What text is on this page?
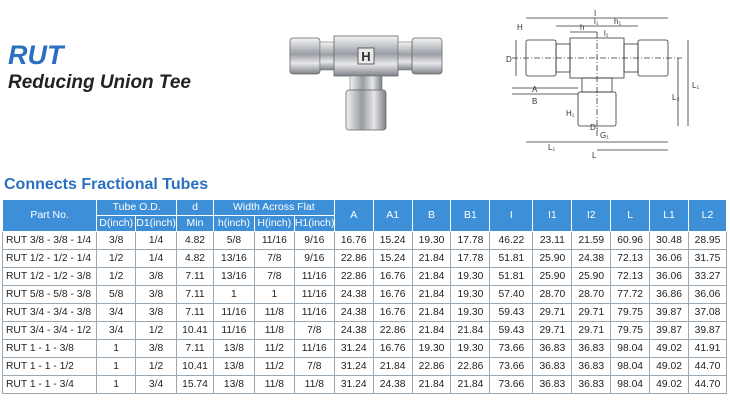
RUT
Reducing Union Tee
H
H
I
l₁
h
l₁
h₁
D
A
B	L₂
L₁
H₁
D₁
G₁
L₁
L
Connects Fractional Tubes
Part No.	Tube O.D.		d	Width Across Flat			A	A1	B	B1	I	I1	I2	L	L1	L2
	D(inch)	D1(inch)	Min	h(inch)	H(inch)	H1(inch)										
RUT 3/8 - 3/8 - 1/4	3/8	1/4	4.82	5/8	11/16	9/16	16.76	15.24	19.30	17.78	46.22	23.11	21.59	60.96	30.48	28.95
RUT 1/2 - 1/2 - 1/4	1/2	1/4	4.82	13/16	7/8	9/16	22.86	15.24	21.84	17.78	51.81	25.90	24.38	72.13	36.06	31.75
RUT 1/2 - 1/2 - 3/8	1/2	3/8	7.11	13/16	7/8	11/16	22.86	16.76	21.84	19.30	51.81	25.90	25.90	72.13	36.06	33.27
RUT 5/8 - 5/8 - 3/8	5/8	3/8	7.11	1	1	11/16	24.38	16.76	21.84	19.30	57.40	28.70	28.70	77.72	36.86	36.06
RUT 3/4 - 3/4 - 3/8	3/4	3/8	7.11	11/16	11/8	11/16	24.38	16.76	21.84	19.30	59.43	29.71	29.71	79.75	39.87	37.08
RUT 3/4 - 3/4 - 1/2	3/4	1/2	10.41	11/16	11/8	7/8	24.38	22.86	21.84	21.84	59.43	29.71	29.71	79.75	39.87	39.87
RUT 1 - 1 - 3/8	1	3/8	7.11	13/8	11/2	11/16	31.24	16.76	19.30	19.30	73.66	36.83	36.83	98.04	49.02	41.91
RUT 1 - 1 - 1/2	1	1/2	10.41	13/8	11/2	7/8	31.24	21.84	22.86	22.86	73.66	36.83	36.83	98.04	49.02	44.70
RUT 1 - 1 - 3/4	1	3/4	15.74	13/8	11/8	11/8	31.24	24.38	21.84	21.84	73.66	36.83	36.83	98.04	49.02	44.70
